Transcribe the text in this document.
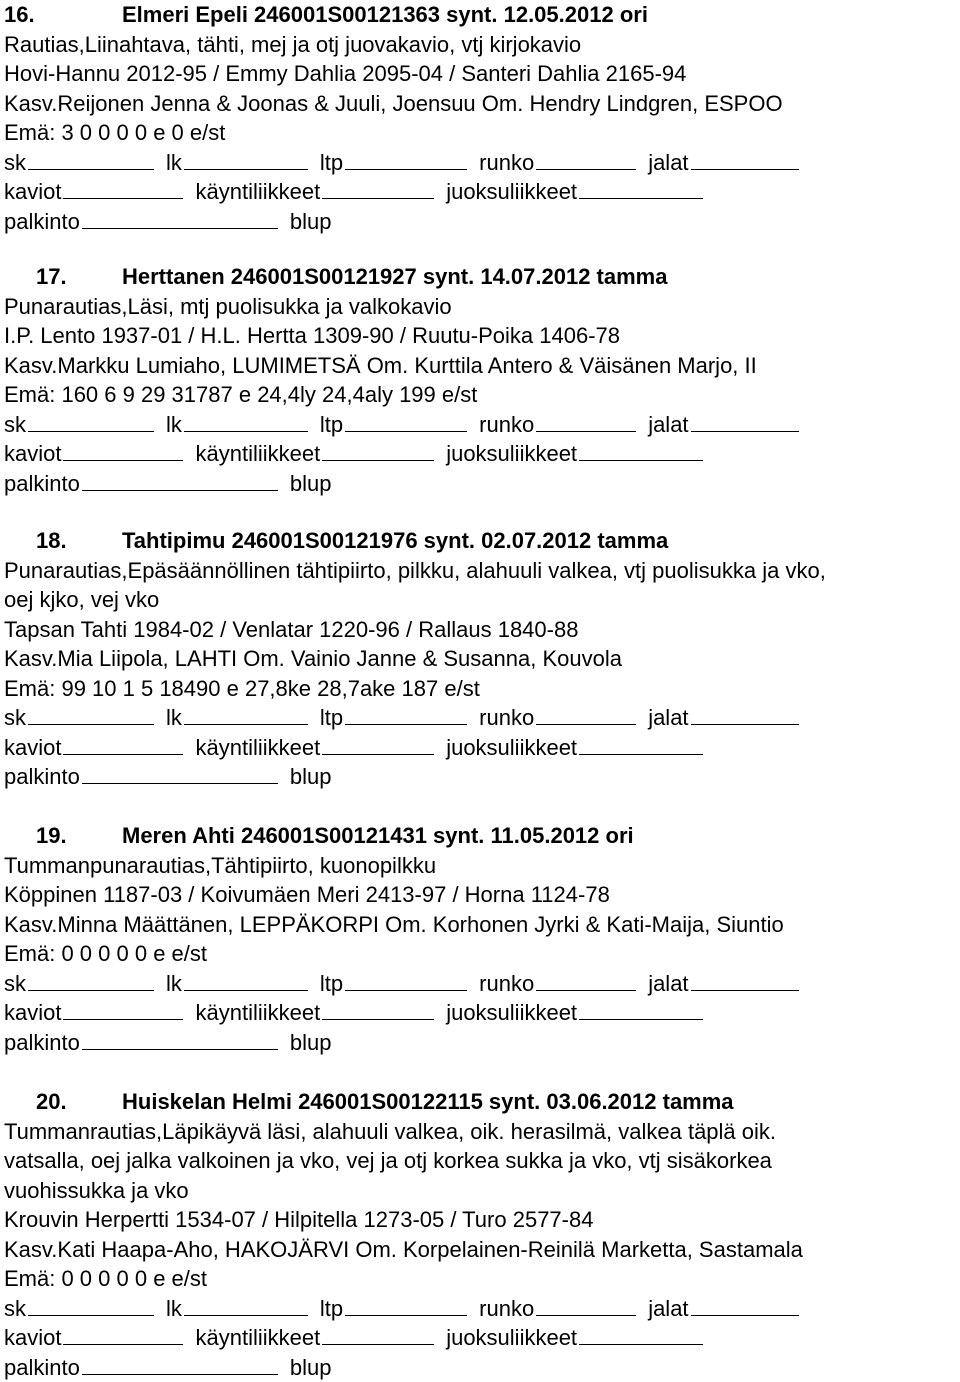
16.	Elmeri Epeli 246001S00121363 synt. 12.05.2012 ori
Rautias,Liinahtava, tähti, mej ja otj juovakavio, vtj kirjokavio
Hovi-Hannu 2012-95 / Emmy Dahlia 2095-04 / Santeri Dahlia 2165-94
Kasv.Reijonen Jenna & Joonas & Juuli, Joensuu Om. Hendry Lindgren, ESPOO
Emä: 3 0 0 0 0 e 0 e/st
sk	lk	ltp	runko	jalat
kaviot	käyntiliikkeet	juoksuliikkeet
palkinto	blup
17.	Herttanen 246001S00121927 synt. 14.07.2012 tamma
Punarautias,Läsi, mtj puolisukka ja valkokavio
I.P. Lento 1937-01 / H.L. Hertta 1309-90 / Ruutu-Poika 1406-78
Kasv.Markku Lumiaho, LUMIMETSÄ Om. Kurttila Antero & Väisänen Marjo, II
Emä: 160 6 9 29 31787 e 24,4ly 24,4aly 199 e/st
sk	lk	ltp	runko	jalat
kaviot	käyntiliikkeet	juoksuliikkeet
palkinto	blup
18.	Tahtipimu 246001S00121976 synt. 02.07.2012 tamma
Punarautias,Epäsäännöllinen tähtipiirto, pilkku, alahuuli valkea, vtj puolisukka ja vko,
oej kjko, vej vko
Tapsan Tahti 1984-02 / Venlatar 1220-96 / Rallaus 1840-88
Kasv.Mia Liipola, LAHTI Om. Vainio Janne & Susanna, Kouvola
Emä: 99 10 1 5 18490 e 27,8ke 28,7ake 187 e/st
sk	lk	ltp	runko	jalat
kaviot	käyntiliikkeet	juoksuliikkeet
palkinto	blup
19.	Meren Ahti 246001S00121431 synt. 11.05.2012 ori
Tummanpunarautias,Tähtipiirto, kuonopilkku
Köppinen 1187-03 / Koivumäen Meri 2413-97 / Horna 1124-78
Kasv.Minna Määttänen, LEPPÄKORPI Om. Korhonen Jyrki & Kati-Maija, Siuntio
Emä: 0 0 0 0 0 e e/st
sk	lk	ltp	runko	jalat
kaviot	käyntiliikkeet	juoksuliikkeet
palkinto	blup
20.	Huiskelan Helmi 246001S00122115 synt. 03.06.2012 tamma
Tummanrautias,Läpikäyvä läsi, alahuuli valkea, oik. herasilmä, valkea täplä oik.
vatsalla, oej jalka valkoinen ja vko, vej ja otj korkea sukka ja vko, vtj sisäkorkea
vuohissukka ja vko
Krouvin Herpertti 1534-07 / Hilpitella 1273-05 / Turo 2577-84
Kasv.Kati Haapa-Aho, HAKOJÄRVI Om. Korpelainen-Reinilä Marketta, Sastamala
Emä: 0 0 0 0 0 e e/st
sk	lk	ltp	runko	jalat
kaviot	käyntiliikkeet	juoksuliikkeet
palkinto	blup
